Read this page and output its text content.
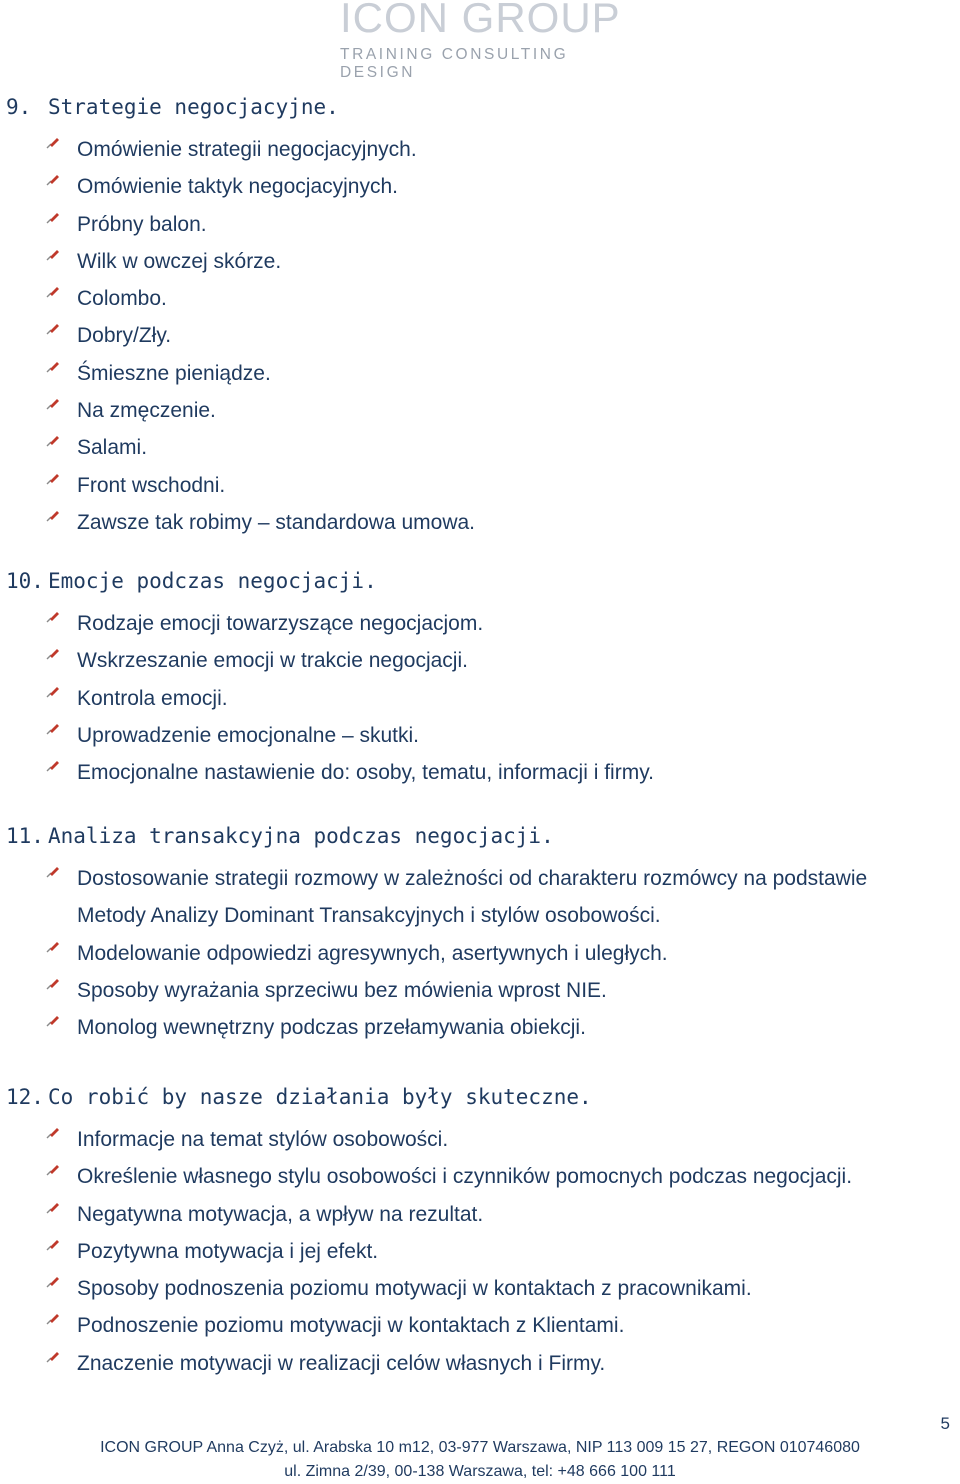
ICON GROUP
TRAINING CONSULTING DESIGN
9. Strategie negocjacyjne.
Omówienie strategii negocjacyjnych.
Omówienie taktyk negocjacyjnych.
Próbny balon.
Wilk w owczej skórze.
Colombo.
Dobry/Zły.
Śmieszne pieniądze.
Na zmęczenie.
Salami.
Front wschodni.
Zawsze tak robimy – standardowa umowa.
10. Emocje podczas negocjacji.
Rodzaje emocji towarzyszące negocjacjom.
Wskrzeszanie emocji w trakcie negocjacji.
Kontrola emocji.
Uprowadzenie emocjonalne – skutki.
Emocjonalne nastawienie do: osoby, tematu, informacji i firmy.
11. Analiza transakcyjna podczas negocjacji.
Dostosowanie strategii rozmowy w zależności od charakteru rozmówcy na podstawie Metody Analizy Dominant Transakcyjnych i stylów osobowości.
Modelowanie odpowiedzi agresywnych, asertywnych i uległych.
Sposoby wyrażania sprzeciwu bez mówienia wprost NIE.
Monolog wewnętrzny podczas przełamywania obiekcji.
12. Co robić by nasze działania były skuteczne.
Informacje na temat stylów osobowości.
Określenie własnego stylu osobowości i czynników pomocnych podczas negocjacji.
Negatywna motywacja, a wpływ na rezultat.
Pozytywna motywacja i jej efekt.
Sposoby podnoszenia poziomu motywacji w kontaktach z pracownikami.
Podnoszenie poziomu motywacji w kontaktach z Klientami.
Znaczenie motywacji w realizacji celów własnych i Firmy.
5
ICON GROUP Anna Czyż, ul. Arabska 10 m12, 03-977 Warszawa, NIP 113 009 15 27, REGON 010746080
ul. Zimna 2/39, 00-138 Warszawa, tel: +48 666 100 111
